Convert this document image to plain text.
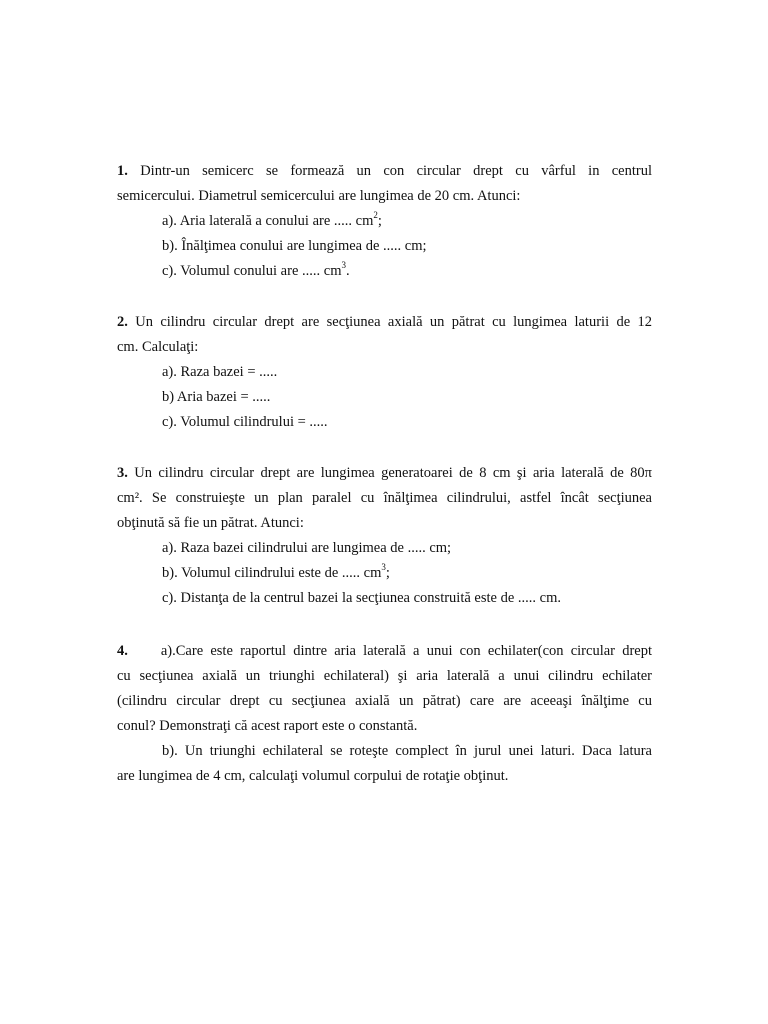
1. Dintr-un semicerc se formează un con circular drept cu vârful in centrul
semicercului. Diametrul semicercului are lungimea de 20 cm. Atunci:
a). Aria laterală a conului are ..... $cm^2$;
b). Înălţimea conului are lungimea de ..... cm;
c). Volumul conului are ..... $cm^3$.
2. Un cilindru circular drept are secţiunea axială un pătrat cu lungimea laturii de 12
cm. Calculaţi:
a). Raza bazei = .....
b) Aria bazei = .....
c). Volumul cilindrului = .....
3. Un cilindru circular drept are lungimea generatoarei de 8 cm şi aria laterală de 80π
cm². Se construieşte un plan paralel cu înălţimea cilindrului, astfel încât secţiunea
obţinută să fie un pătrat. Atunci:
a). Raza bazei cilindrului are lungimea de ..... cm;
b). Volumul cilindrului este de ..... $cm^3$;
c). Distanţa de la centrul bazei la secţiunea construită este de ..... cm.
4. a).Care este raportul dintre aria laterală a unui con echilater(con circular drept
cu secţiunea axială un triunghi echilateral) şi aria laterală a unui cilindru echilater
(cilindru circular drept cu secţiunea axială un pătrat) care are aceeaşi înălţime cu
conul? Demonstraţi că acest raport este o constantă.
b). Un triunghi echilateral se roteşte complect în jurul unei laturi. Daca latura
are lungimea de 4 cm, calculaţi volumul corpului de rotaţie obţinut.
